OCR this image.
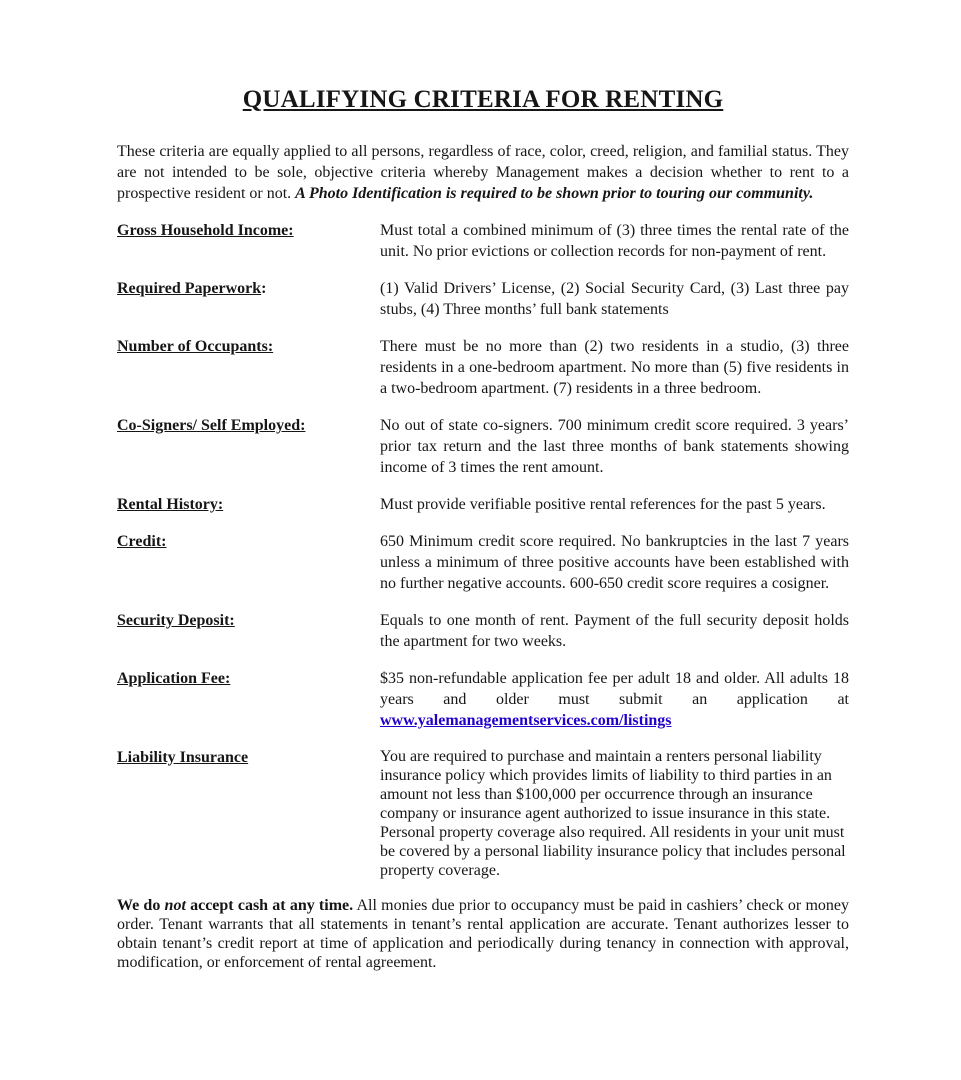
QUALIFYING CRITERIA FOR RENTING

These criteria are equally applied to all persons, regardless of race, color, creed, religion, and familial status. They are not intended to be sole, objective criteria whereby Management makes a decision whether to rent to a prospective resident or not. A Photo Identification is required to be shown prior to touring our community.

Gross Household Income:	Must total a combined minimum of (3) three times the rental rate of the unit. No prior evictions or collection records for non-payment of rent.
Required Paperwork:	(1) Valid Drivers’ License, (2) Social Security Card, (3) Last three pay stubs, (4) Three months’ full bank statements
Number of Occupants:	There must be no more than (2) two residents in a studio, (3) three residents in a one-bedroom apartment. No more than (5) five residents in a two-bedroom apartment. (7) residents in a three bedroom.
Co-Signers/ Self Employed:	No out of state co-signers. 700 minimum credit score required. 3 years’ prior tax return and the last three months of bank statements showing income of 3 times the rent amount.
Rental History:	Must provide verifiable positive rental references for the past 5 years.
Credit:	650 Minimum credit score required. No bankruptcies in the last 7 years unless a minimum of three positive accounts have been established with no further negative accounts. 600-650 credit score requires a cosigner.
Security Deposit:	Equals to one month of rent. Payment of the full security deposit holds the apartment for two weeks.
Application Fee:	$35 non-refundable application fee per adult 18 and older. All adults 18 years and older must submit an application at www.yalemanagementservices.com/listings
Liability Insurance	You are required to purchase and maintain a renters personal liability insurance policy which provides limits of liability to third parties in an amount not less than $100,000 per occurrence through an insurance company or insurance agent authorized to issue insurance in this state. Personal property coverage also required. All residents in your unit must be covered by a personal liability insurance policy that includes personal property coverage.

We do not accept cash at any time. All monies due prior to occupancy must be paid in cashiers’ check or money order. Tenant warrants that all statements in tenant’s rental application are accurate. Tenant authorizes lesser to obtain tenant’s credit report at time of application and periodically during tenancy in connection with approval, modification, or enforcement of rental agreement.
